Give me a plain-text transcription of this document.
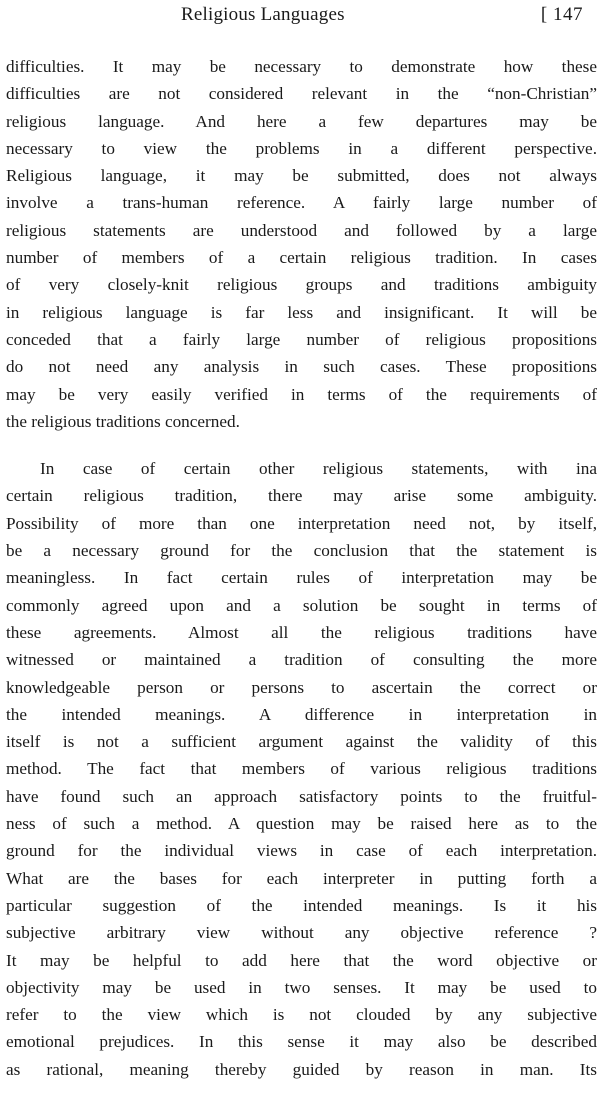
Religious Languages	[ 147
difficulties. It may be necessary to demonstrate how these
difficulties are not considered relevant in the “non-Christian”
religious language. And here a few departures may be
necessary to view the problems in a different perspective.
Religious language, it may be submitted, does not always
involve a trans-human reference. A fairly large number of
religious statements are understood and followed by a large
number of members of a certain religious tradition. In cases
of very closely-knit religious groups and traditions ambiguity
in religious language is far less and insignificant. It will be
conceded that a fairly large number of religious propositions
do not need any analysis in such cases. These propositions
may be very easily verified in terms of the requirements of
the religious traditions concerned.
In case of certain other religious statements, with ina
certain religious tradition, there may arise some ambiguity.
Possibility of more than one interpretation need not, by itself,
be a necessary ground for the conclusion that the statement is
meaningless. In fact certain rules of interpretation may be
commonly agreed upon and a solution be sought in terms of
these agreements. Almost all the religious traditions have
witnessed or maintained a tradition of consulting the more
knowledgeable person or persons to ascertain the correct or
the intended meanings. A difference in interpretation in
itself is not a sufficient argument against the validity of this
method. The fact that members of various religious traditions
have found such an approach satisfactory points to the fruitful-
ness of such a method. A question may be raised here as to the
ground for the individual views in case of each interpretation.
What are the bases for each interpreter in putting forth a
particular suggestion of the intended meanings. Is it his
subjective arbitrary view without any objective reference ?
It may be helpful to add here that the word objective or
objectivity may be used in two senses. It may be used to
refer to the view which is not clouded by any subjective
emotional prejudices. In this sense it may also be described
as rational, meaning thereby guided by reason in man. Its
